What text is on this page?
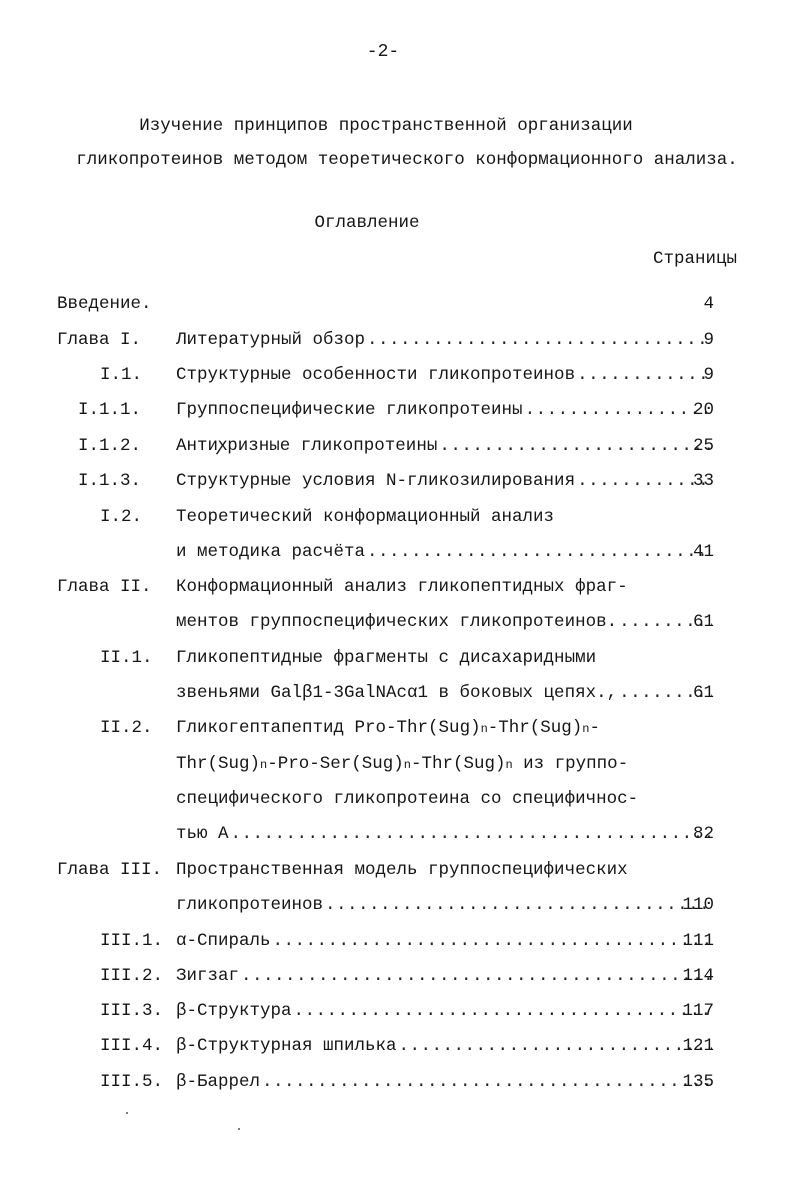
-2-
Изучение принципов пространственной организации
гликопротеинов методом теоретического конформационного анализа.
Оглавление
Страницы
Введение.	4
Глава I. Литературный обзор .....	9
I.1. Структурные особенности гликопротеинов .....	9
I.1.1. Группоспецифические гликопротеины .....	20
I.1.2. Антиꭗризные гликопротеины .....	25
I.1.3. Структурные условия N-гликозилирования .....	33
I.2. Теоретический конформационный анализ
и методика расчёта .....	41
Глава II. Конформационный анализ гликопептидных фраг-
ментов группоспецифических гликопротеинов. .....	61
II.1. Гликопептидные фрагменты с дисахаридными
звеньями Galβ1-3GalNAcα1 в боковых цепях., .....	61
II.2. Гликогептапептид
Pro-Thr(Sug) n -Thr(Sug) n -
Thr(Sug) n -Pro-Ser(Sug) n -Thr(Sug) n из группо-
специфического гликопротеина со специфичнос-
тью А .....	82
Глава III. Пространственная модель группоспецифических
гликопротеинов .....	110
III.1. α-Спираль .....	111
III.2. Зигзаг .....	114
III.3. β-Структура .....	117
III.4. β-Структурная шпилька .....	121
III.5. β-Баррел .....	135
